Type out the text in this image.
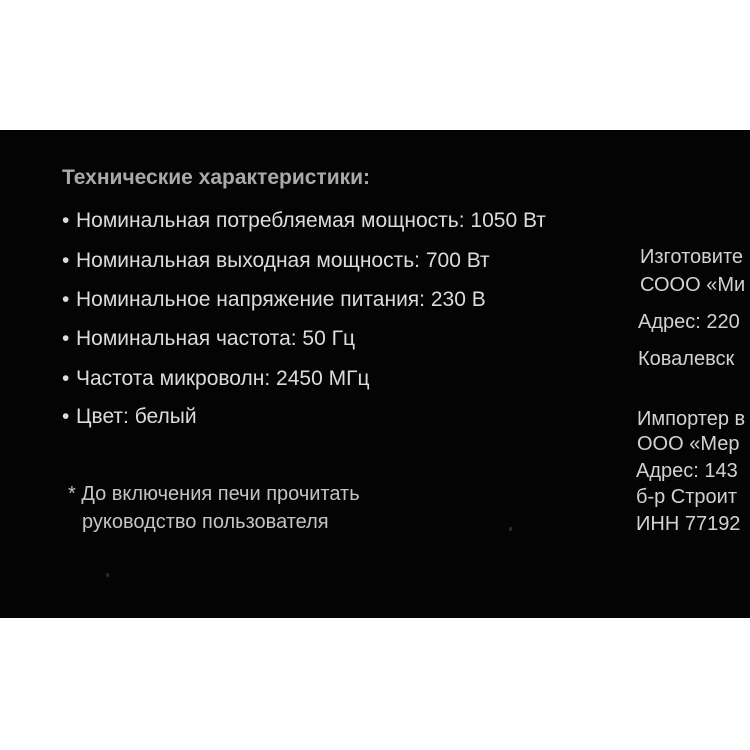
Технические характеристики:

• Номинальная потребляемая мощность: 1050 Вт

• Номинальная выходная мощность: 700 Вт

• Номинальное напряжение питания: 230 В

• Номинальная частота: 50 Гц

• Частота микроволн: 2450 МГц

• Цвет: белый

* До включения печи прочитать
руководство пользователя

Изготовите

СООО «Ми

Адрес: 220

Ковалевск

Импортер в

ООО «Мер

Адрес: 143

б-р Строит

ИНН 77192
